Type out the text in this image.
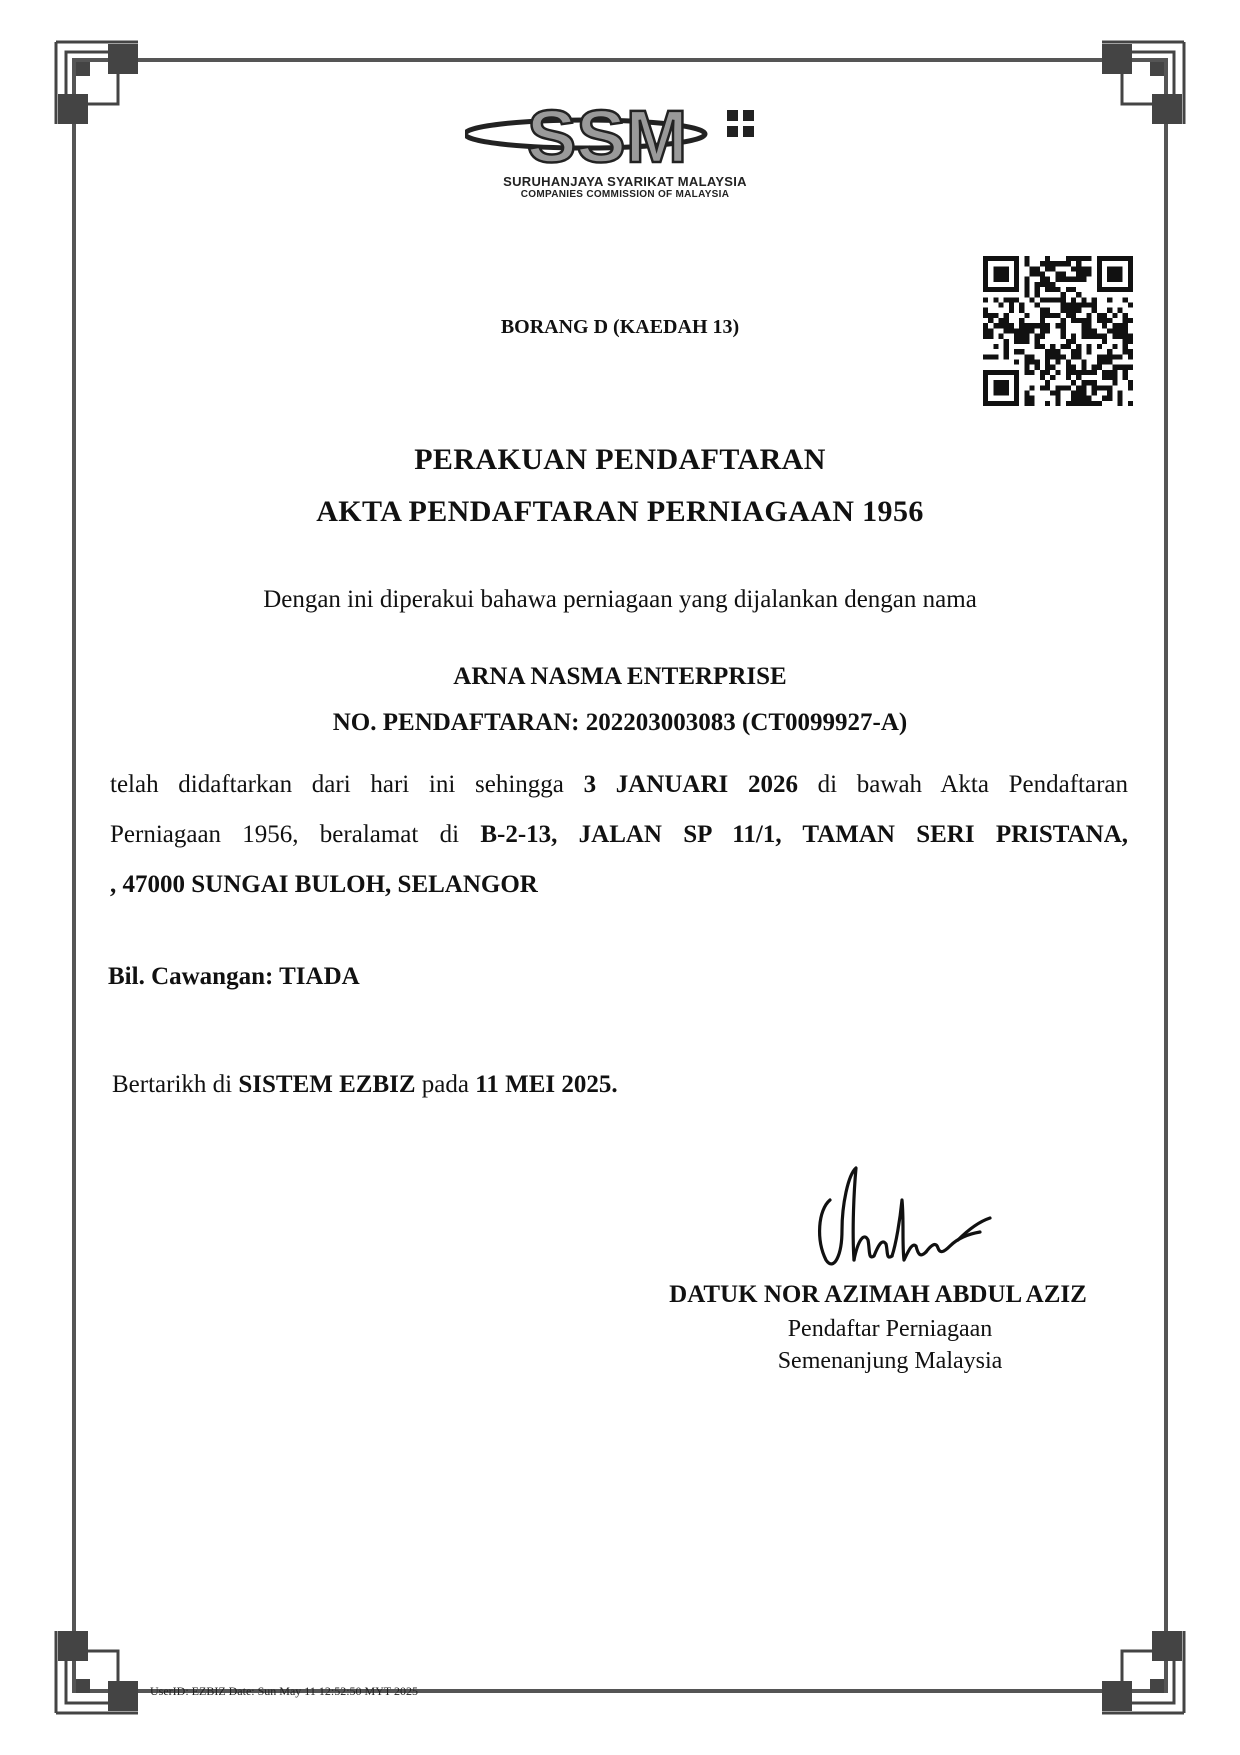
SSM
SURUHANJAYA SYARIKAT MALAYSIA
COMPANIES COMMISSION OF MALAYSIA
BORANG D (KAEDAH 13)
PERAKUAN PENDAFTARAN
AKTA PENDAFTARAN PERNIAGAAN 1956
Dengan ini diperakui bahawa perniagaan yang dijalankan dengan nama
ARNA NASMA ENTERPRISE
NO. PENDAFTARAN: 202203003083 (CT0099927-A)
telah didaftarkan dari hari ini sehingga 3 JANUARI 2026 di bawah Akta Pendaftaran
Perniagaan 1956, beralamat di B-2-13, JALAN SP 11/1, TAMAN SERI PRISTANA,
, 47000 SUNGAI BULOH, SELANGOR
Bil. Cawangan: TIADA
Bertarikh di SISTEM EZBIZ pada 11 MEI 2025.
DATUK NOR AZIMAH ABDUL AZIZ
Pendaftar Perniagaan
Semenanjung Malaysia
UserID: EZBIZ Date: Sun May 11 12:52:50 MYT 2025
